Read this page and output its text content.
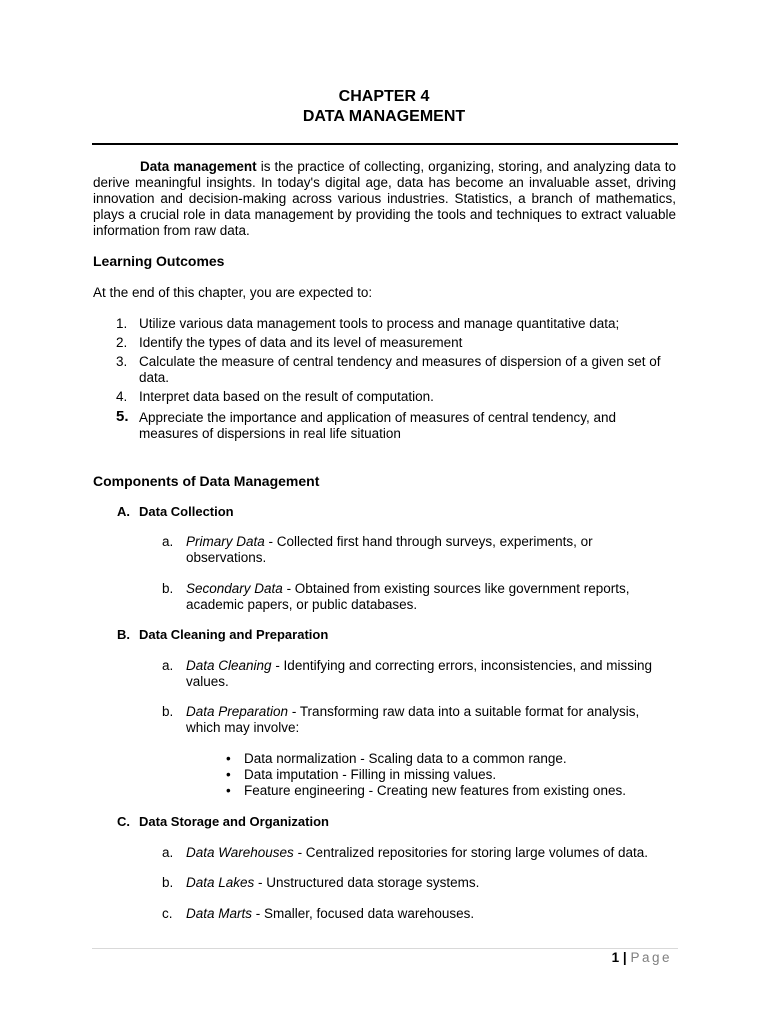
CHAPTER 4
DATA MANAGEMENT

Data management is the practice of collecting, organizing, storing, and analyzing data to derive meaningful insights. In today's digital age, data has become an invaluable asset, driving innovation and decision-making across various industries. Statistics, a branch of mathematics, plays a crucial role in data management by providing the tools and techniques to extract valuable information from raw data.

Learning Outcomes
At the end of this chapter, you are expected to:
1. Utilize various data management tools to process and manage quantitative data;
2. Identify the types of data and its level of measurement
3. Calculate the measure of central tendency and measures of dispersion of a given set of data.
4. Interpret data based on the result of computation.
5. Appreciate the importance and application of measures of central tendency, and measures of dispersions in real life situation
Components of Data Management
A. Data Collection
a. Primary Data - Collected first hand through surveys, experiments, or observations.
b. Secondary Data - Obtained from existing sources like government reports, academic papers, or public databases.
B. Data Cleaning and Preparation
a. Data Cleaning - Identifying and correcting errors, inconsistencies, and missing values.
b. Data Preparation - Transforming raw data into a suitable format for analysis, which may involve:
• Data normalization - Scaling data to a common range.
• Data imputation - Filling in missing values.
• Feature engineering - Creating new features from existing ones.
C. Data Storage and Organization
a. Data Warehouses - Centralized repositories for storing large volumes of data.
b. Data Lakes - Unstructured data storage systems.
c. Data Marts - Smaller, focused data warehouses.
1 | Page
